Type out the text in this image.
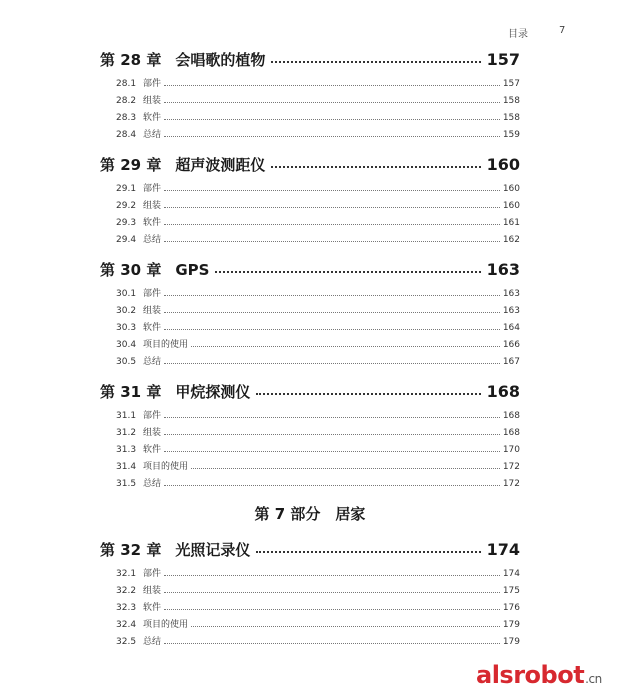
目录	7
第 28 章 会唱歌的植物	157
28.1 部件	157
28.2 组装	158
28.3 软件	158
28.4 总结	159
第 29 章 超声波测距仪	160
29.1 部件	160
29.2 组装	160
29.3 软件	161
29.4 总结	162
第 30 章 GPS	163
30.1 部件	163
30.2 组装	163
30.3 软件	164
30.4 项目的使用	166
30.5 总结	167
第 31 章 甲烷探测仪	168
31.1 部件	168
31.2 组装	168
31.3 软件	170
31.4 项目的使用	172
31.5 总结	172
第 7 部分　居家
第 32 章 光照记录仪	174
32.1 部件	174
32.2 组装	175
32.3 软件	176
32.4 项目的使用	179
32.5 总结	179
alsrobot.cn
